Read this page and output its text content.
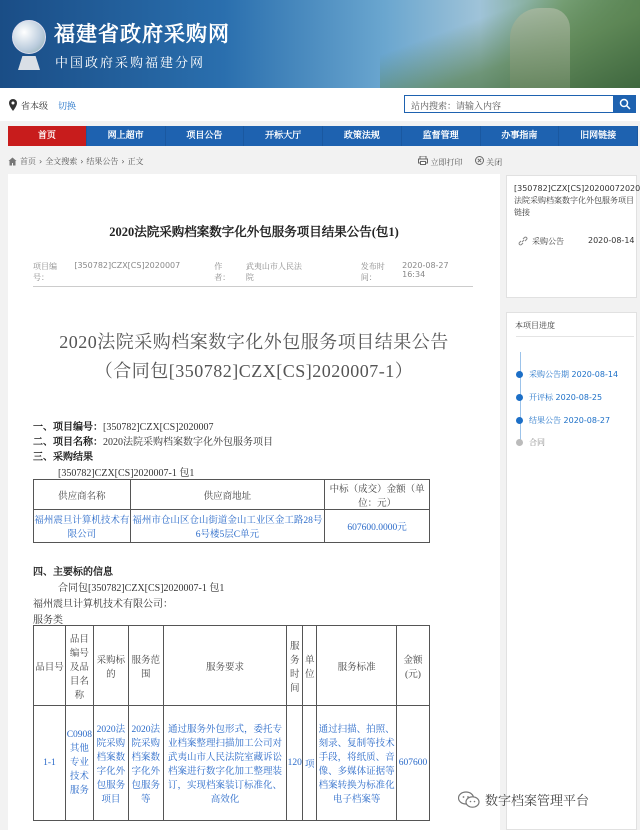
福建省政府采购网
中国政府采购福建分网
省本级 切换	站内搜索：请输入内容
首页	网上超市	项目公告	开标大厅	政策法规	监督管理	办事指南	旧网链接
首页 › 全文搜索 › 结果公告 › 正文	立即打印	关闭
2020法院采购档案数字化外包服务项目结果公告(包1)
项目编号：
[350782]CZX[CS]2020007	作者：
武夷山市人民法院
发布时间：
2020-08-27 16:34
2020法院采购档案数字化外包服务项目结果公告
（合同包[350782]CZX[CS]2020007-1）
一、项目编号：[350782]CZX[CS]2020007
二、项目名称：2020法院采购档案数字化外包服务项目
三、采购结果
[350782]CZX[CS]2020007-1 包1
供应商名称	供应商地址	中标（成交）金额（单位：元）
福州震旦计算机技术有限公司	福州市仓山区仓山街道金山工业区金工路28号6号楼5层C单元	607600.0000元
四、主要标的信息
合同包[350782]CZX[CS]2020007-1 包1
福州震旦计算机技术有限公司：
服务类
品目号	品目编号及品目名称	采购标的	服务范围	服务要求	服务时间	单位	服务标准	金额(元)
1-1	C0908其他专业技术服务	2020法院采购档案数字化外包服务项目	2020法院采购档案数字化外包服务等	通过服务外包形式，委托专业档案整理扫描加工公司对武夷山市人民法院室藏诉讼档案进行数字化加工整理装订，实现档案装订标准化、高效化	120	项	通过扫描、拍照、刻录、复制等技术手段，将纸质、音像、多媒体证据等档案转换为标准化电子档案等	607600
[350782]CZX[CS]20200072020法院采购档案数字化外包服务项目链接
采购公告	2020-08-14
本项目进度
采购公告期 2020-08-14
开评标 2020-08-25
结果公告 2020-08-27
合同
数字档案管理平台
